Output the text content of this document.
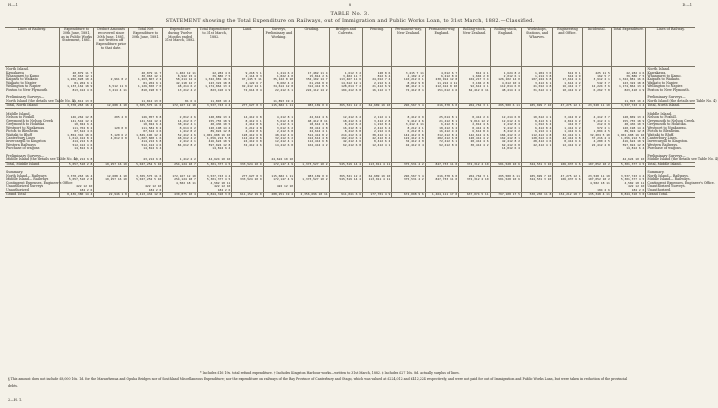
H.—1	8	D.—1
TABLE No. 3.
STATEMENT showing the Total Expenditure on Railways, out of Immigration and Public Works Loan, to 31st March, 1882.—Classified.
Lines of Railway.	Expenditure to 30th June, 1881, as in Public Works Statement, 1881.	Deduct Amounts recovered since 30th June, 1881, not written off Expenditure prior to that date.	Total Net Expenditure to 30th June, 1881.	Expenditure during Twelve Months ended 31st March, 1882.	Total Expenditure to 31st March, 1882.	Land.	Surveys, Preliminary and Working.	Grading.	Bridges and Culverts.	Fencing.	Permanent-way, New Zealand.	Permanent-way, England.	Rolling-stock, New Zealand.	Rolling-stock, England.	Workshops, Stations, and Wharves.	Engineering and Office.	Incidental.	Total Expenditure.	Lines of Railway.
North Island.																			North Island.
Kawakawa	40,879 11 7		40,879 11 7	1,402 12 11	42,282 4 6	9,218 5 1	1,214 6 2	17,482 11 4	1,612 3 2	128 8 6	3,415 7 11	4,012 6 7	812 4 1	1,624 8 2	1,204 3 0	612 8 1	425 11 5	42,282 4 6	Kawakawa.
Whangarei to Kamo	30,963 12 1		30,963 12 1	8,922 15 4	39,886 7 5	2,114 8 3	1,822 4 0	15,814 2 6	3,402 11 7	812 6 4	4,102 4 2	6,212 8 6	1,604 2 0	2,012 6 1	1,214 3 8	612 4 9	162 5 7	39,886 7 5	Whangarei to Kamo.
Kaipara to Waikato	1,266,828 10 4	2,961 8 2	1,263,867 2 2	58,214 14 4	1,322,081 16 6	97,145 5 11	35,122 8 10	352,102 14 7	113,467 11 6	24,012 7 4	110,212 6 1	230,914 12 8	104,217 3 4	126,102 14 0	107,244 6 8	17,612 4 4	3,912 2 1	1,322,081 16 6	Kaipara to Waikato.
Waikato to Napier	81,204 6 1		81,204 6 1	42,118 12 7	123,322 18 8	4,122 6 7	8,602 4 2	61,244 8 9	14,612 12 1	2,212 6 4	8,012 9 0	11,212 4 11	3,104 2 8	4,612 10 4	3,412 6 1	1,614 4 2	542 3 7	123,322 18 8	Waikato to Napier.
Wellington to Napier	1,133,162 18 9	6,512 11 9	1,126,650 7 0	48,214 6 2	1,174,864 13 2	92,412 14 1	34,614 12 8	312,412 8 5	128,014 7 2	21,412 6 9	98,412 2 1	212,414 8 10	92,612 4 1	112,814 6 0	41,012 4 8	16,412 4 7	12,224 3 6	1,174,864 13 2	Wellington to Napier.
Foxton to New Plymouth	813,412 4 6	3,214 4 11	810,198 0 7	13,212 4 2	823,410 4 9	72,614 8 4	22,412 6 1	224,112 14 2	104,412 6 8	16,112 4 7	72,412 8 1	151,612 4 6	62,412 6 11	48,414 2 4	31,612 4 1	10,412 6 2	6,262 7 8	823,410 4 9	Foxton to New Plymouth.

Preliminary Surveys—																			Preliminary Surveys—
North Island (the details see Table No. 4)	11,812 13 0		11,812 13 0	81 6 4	11,893 19 4		11,893 19 4											11,893 19 4	North Island (the details see Table No. 4)
Total, North Island	3,378,263 16 4	12,688 4 10	3,365,575 11 6	172,167 12 10	3,537,743 4 4	277,627 8 3	115,682 1 11	983,169 0 9	365,521 12 2	64,689 19 10	296,567 5 4	616,378 6 0	264,762 3 1	295,580 6 11	185,699 7 10	47,275 12 1	23,528 11 10	3,537,743 4 4	Total, North Island.

Middle Island.																			Middle Island.
Nelson to Foxhill	146,262 12 8	205 4 0	146,057 8 8	2,812 4 6	148,869 13 2	14,412 6 8	4,212 8 1	42,612 4 6	12,412 6 2	2,112 4 1	8,412 6 9	25,614 8 1	8,412 2 4	12,214 6 8	10,612 4 1	3,412 8 2	4,412 3 7	148,869 13 2	Nelson to Foxhill.
Greymouth to Nelson Creek	141,542 12 2		141,542 12 2	14,212 6 7	155,755 18 9	8,412 6 1	5,612 4 8	48,412 8 11	18,412 6 4	3,412 2 8	9,412 4 6	21,412 8 1	9,014 12 2	12,612 4 6	8,412 6 1	4,812 6 2	5,412 2 1	155,755 18 9	Greymouth to Nelson Creek.
Greymouth to Hokitika	10,024 6 4		10,024 6 4	38,412 4 1	48,436 10 5	2,412 8 6	1,412 6 1	18,612 4 8	8,412 6 2	1,212 8 4	3,412 4 11	6,412 8 1	2,012 4 6	2,412 8 4	1,012 6 2	412 8 7	212 6 9	48,436 10 5	Greymouth to Hokitika.
Westport to Ngakawau	111,704 8 2	120 0 0	111,584 8 2	8,614 6 2	120,198 14 4	6,212 4 8	3,612 6 2	38,412 4 8	16,212 8 1	2,412 6 4	8,212 4 1	18,412 6 2	8,412 4 8	9,412 6 1	6,412 8 4	1,412 6 2	972 2 1	120,198 14 4	Westport to Ngakawau.
Picton to Blenheim	87,612 4 6		87,612 4 6	1,412 8 2	89,024 12 8	4,412 8 6	2,412 6 8	24,612 4 1	8,412 6 8	2,212 4 6	6,212 8 1	16,412 4 2	6,612 8 4	8,412 6 2	6,212 4 1	1,412 6 4	1,804 4 5	89,024 12 8	Picton to Blenheim.
Waitaki to Bluff	1,854,316 18 6	5,120 6 2	1,849,196 12 4	52,412 4 6	1,901,608 16 10	128,412 6 8	48,212 4 6	512,412 8 2	214,412 6 4	38,412 4 1	142,412 6 8	312,412 8 4	142,612 4 6	184,412 6 2	112,412 4 8	32,412 6 1	32,204 5 10	1,901,608 16 10	Waitaki to Bluff.
Canterbury Lines	1,612,412 8 2	4,812 6 8	1,607,600 1 6	48,612 4 2	1,656,212 5 8	112,412 8 6	32,412 6 2	412,612 4 8	162,412 6 1	42,412 8 4	122,412 4 6	282,412 6 8	128,412 4 2	162,412 8 1	128,612 4 6	42,412 6 8	37,216 4 4	1,656,212 5 8	Canterbury Lines.
Invercargill to Kingston	414,212 6 8		414,212 6 8	2,412 4 1	416,624 10 9	24,412 6 8	12,412 4 1	112,412 6 8	42,412 4 6	8,412 6 2	32,412 4 8	72,412 6 1	28,412 4 6	42,412 8 2	28,412 4 6	8,412 6 4	4,280 2 5	416,624 10 9	Invercargill to Kingston.
Western Railways	512,412 4 6		512,412 4 6	84,612 8 2	597,024 12 8	32,412 4 6	14,412 6 8	162,412 4 2	62,412 6 8	12,412 4 1	42,412 6 4	92,412 8 6	38,412 4 2	62,412 6 8	42,412 4 1	12,412 6 2	22,412 4 8	597,024 12 8	Western Railways.
Purchase of wagons	14,812 6 4		14,812 6 4		14,812 6 4									14,812 6 4				14,812 6 4	Purchase of wagons.

Preliminary Surveys—																			Preliminary Surveys—
Middle Island (the details see Table No. 4)	43,212 6 8		43,212 6 8	1,412 4 2	44,624 10 10		44,624 10 10											44,624 10 10	Middle Island (the details see Table No. 4)
Total, Middle Island	5,057,510 2 8	10,257 16 10	5,047,252 5 10	254,124 18 7	5,301,377 4 5	333,524 10 9	172,147 4 9	1,373,527 10 2	545,519 14 4	113,011 4 11	375,531 4 2	847,733 11 0	372,312 2 10	501,528 10 6	344,531 3 10	106,937 6 6	107,052 10 2	5,301,377 4 5	Total, Middle Island.

Summary.																			Summary.
North Island— Railways	3,378,263 16 4	12,688 4 10	3,365,575 11 6	172,167 12 10	3,537,743 4 4	277,627 8 3	115,682 1 11	983,169 0 9	365,521 12 2	64,689 19 10	296,567 5 4	616,378 6 0	264,762 3 1	295,580 6 11	185,699 7 10	47,275 12 1	23,528 11 10	3,537,743 4 4	North Island— Railways.
Middle Island— Railways	5,057,510 2 8	10,257 16 10	5,047,252 5 10	254,124 18 7	5,301,377 4 5	333,524 10 9	172,147 4 9	1,373,527 10 2	545,519 14 4	113,011 4 11	375,531 4 2	847,733 11 0	372,312 2 10	501,528 10 6	344,531 3 10	106,937 6 6	107,052 10 2	5,301,377 4 5	Middle Island— Railways.
Contingent Expenses, Engineer's Office				4,582 18 11	4,582 18 11												4,582 18 11	4,582 18 11	Contingent Expenses, Engineer's Office.
Unauthorized Surveys	422 12 10		422 12 10		422 12 10		422 12 10											422 12 10	Unauthorized Surveys.
Unauthorized	184 2 6		184 2 6		184 2 6												184 2 6	184 2 6	Unauthorized.
Grand Total	8,436,380 14 4	22,946 1 8	8,413,434 12 8	430,875 10 4	8,844,310 3 0	611,152 19 0	288,251 19 4	2,356,696 10 11	911,041 6 6	177,701 4 9	672,098 9 6	1,464,111 17 0	637,074 5 11	797,108 17 5	530,230 11 8	154,212 18 7	135,348 4 11	8,844,310 3 0	Grand Total.
* Includes £16 19s. total refund expenditure. † Includes Kingston Harbour works—written to 31st March, 1882. ‡ Includes £27 16s. 8d. actually surplus of lines.
§ This amount does not include £8,000 16s. 1d. for the Marawhenua and Opuha Bridges nor of Southland Miscellaneous Expenditure; nor the expenditure on railways of the Bay Province of Canterbury and Otago, which was valued at £224,012 and £412,224 respectively, and were not paid for out of Immigration and Public Works Loan, but were taken in reduction of the provincial
debts.
2—H. 1.
